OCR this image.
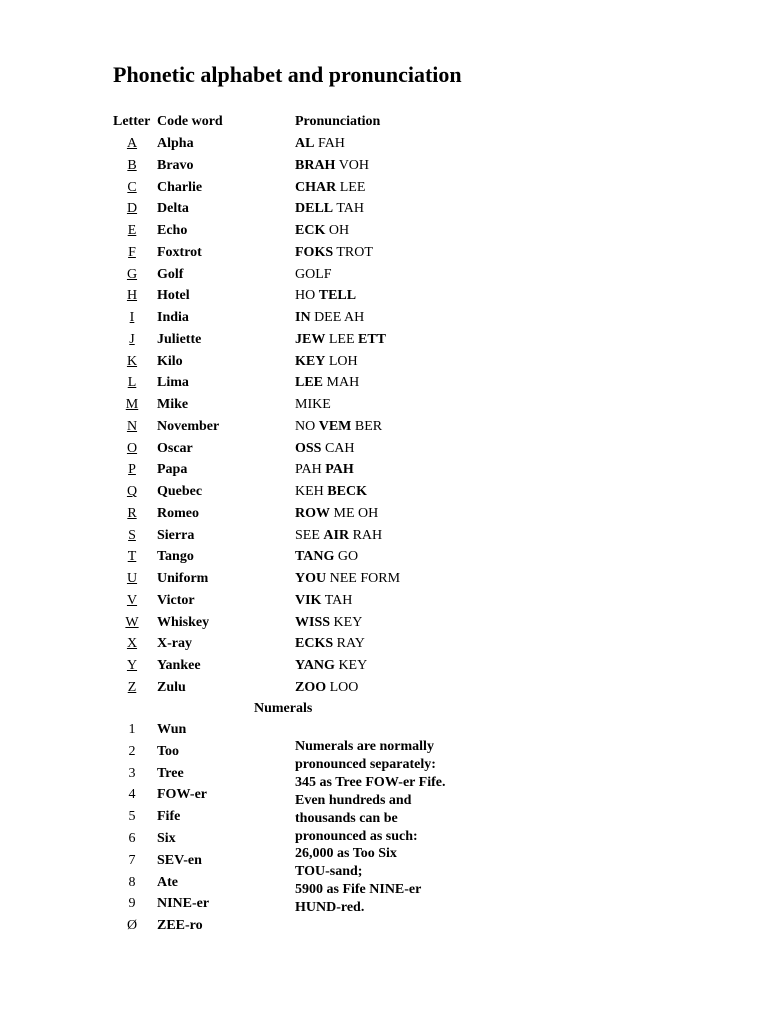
Phonetic alphabet and pronunciation
Letter Code word	Pronunciation
A	Alpha	AL FAH
B	Bravo	BRAH VOH
C	Charlie	CHAR LEE
D	Delta	DELL TAH
E	Echo	ECK OH
F	Foxtrot	FOKS TROT
G	Golf	GOLF
H	Hotel	HO TELL
I	India	IN DEE AH
J	Juliette	JEW LEE ETT
K	Kilo	KEY LOH
L	Lima	LEE MAH
M	Mike	MIKE
N	November	NO VEM BER
O	Oscar	OSS CAH
P	Papa	PAH PAH
Q	Quebec	KEH BECK
R	Romeo	ROW ME OH
S	Sierra	SEE AIR RAH
T	Tango	TANG GO
U	Uniform	YOU NEE FORM
V	Victor	VIK TAH
W	Whiskey	WISS KEY
X	X-ray	ECKS RAY
Y	Yankee	YANG KEY
Z	Zulu	ZOO LOO
Numerals
1	Wun
2	Too
3	Tree
4	FOW-er
5	Fife
6	Six
7	SEV-en
8	Ate
9	NINE-er
Ø	ZEE-ro
Numerals are normally
pronounced separately:
345 as Tree FOW-er Fife.
Even hundreds and
thousands can be
pronounced as such:
26,000 as Too Six
TOU-sand;
5900 as Fife NINE-er
HUND-red.
